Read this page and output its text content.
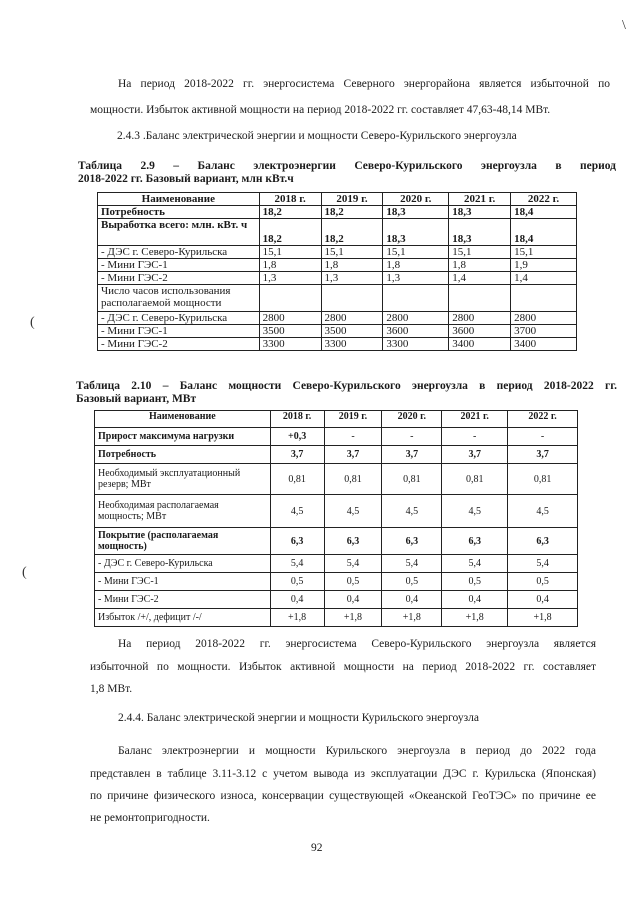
\

На период 2018-2022 гг. энергосистема Северного энергорайона является избыточной по

мощности. Избыток активной мощности на период 2018-2022 гг. составляет 47,63-48,14 МВт.

2.4.3 .Баланс электрической энергии и мощности Северо-Курильского энергоузла
Таблица 2.9 – Баланс электроэнергии Северо-Курильского энергоузла в период
2018-2022 гг. Базовый вариант, млн кВт.ч
Наименование	2018 г.	2019 г.	2020 г.	2021 г.	2022 г.
Потребность	18,2	18,2	18,3	18,3	18,4
Выработка всего: млн. кВт. ч	18,2	18,2	18,3	18,3	18,4
- ДЭС г. Северо-Курильска	15,1	15,1	15,1	15,1	15,1
- Мини ГЭС-1	1,8	1,8	1,8	1,8	1,9
- Мини ГЭС-2	1,3	1,3	1,3	1,4	1,4
Число часов использования располагаемой мощности					
- ДЭС г. Северо-Курильска	2800	2800	2800	2800	2800
- Мини ГЭС-1	3500	3500	3600	3600	3700
- Мини ГЭС-2	3300	3300	3300	3400	3400
(
Таблица 2.10 – Баланс мощности Северо-Курильского энергоузла в период 2018-2022 гг.
Базовый вариант, МВт
Наименование	2018 г.	2019 г.	2020 г.	2021 г.	2022 г.
Прирост максимума нагрузки	+0,3	-	-	-	-
Потребность	3,7	3,7	3,7	3,7	3,7
Необходимый эксплуатационный резерв; МВт	0,81	0,81	0,81	0,81	0,81
Необходимая располагаемая мощность; МВт	4,5	4,5	4,5	4,5	4,5
Покрытие (располагаемая мощность)	6,3	6,3	6,3	6,3	6,3
- ДЭС г. Северо-Курильска	5,4	5,4	5,4	5,4	5,4
- Мини ГЭС-1	0,5	0,5	0,5	0,5	0,5
- Мини ГЭС-2	0,4	0,4	0,4	0,4	0,4
Избыток /+/, дефицит /-/	+1,8	+1,8	+1,8	+1,8	+1,8
(

На период 2018-2022 гг. энергосистема Северо-Курильского энергоузла является

избыточной по мощности. Избыток активной мощности на период 2018-2022 гг. составляет

1,8 МВт.

2.4.4. Баланс электрической энергии и мощности Курильского энергоузла

Баланс электроэнергии и мощности Курильского энергоузла в период до 2022 года

представлен в таблице 3.11-3.12 с учетом вывода из эксплуатации ДЭС г. Курильска (Японская)

по причине физического износа, консервации существующей «Океанской ГеоТЭС» по причине ее

не ремонтопригодности.

92
